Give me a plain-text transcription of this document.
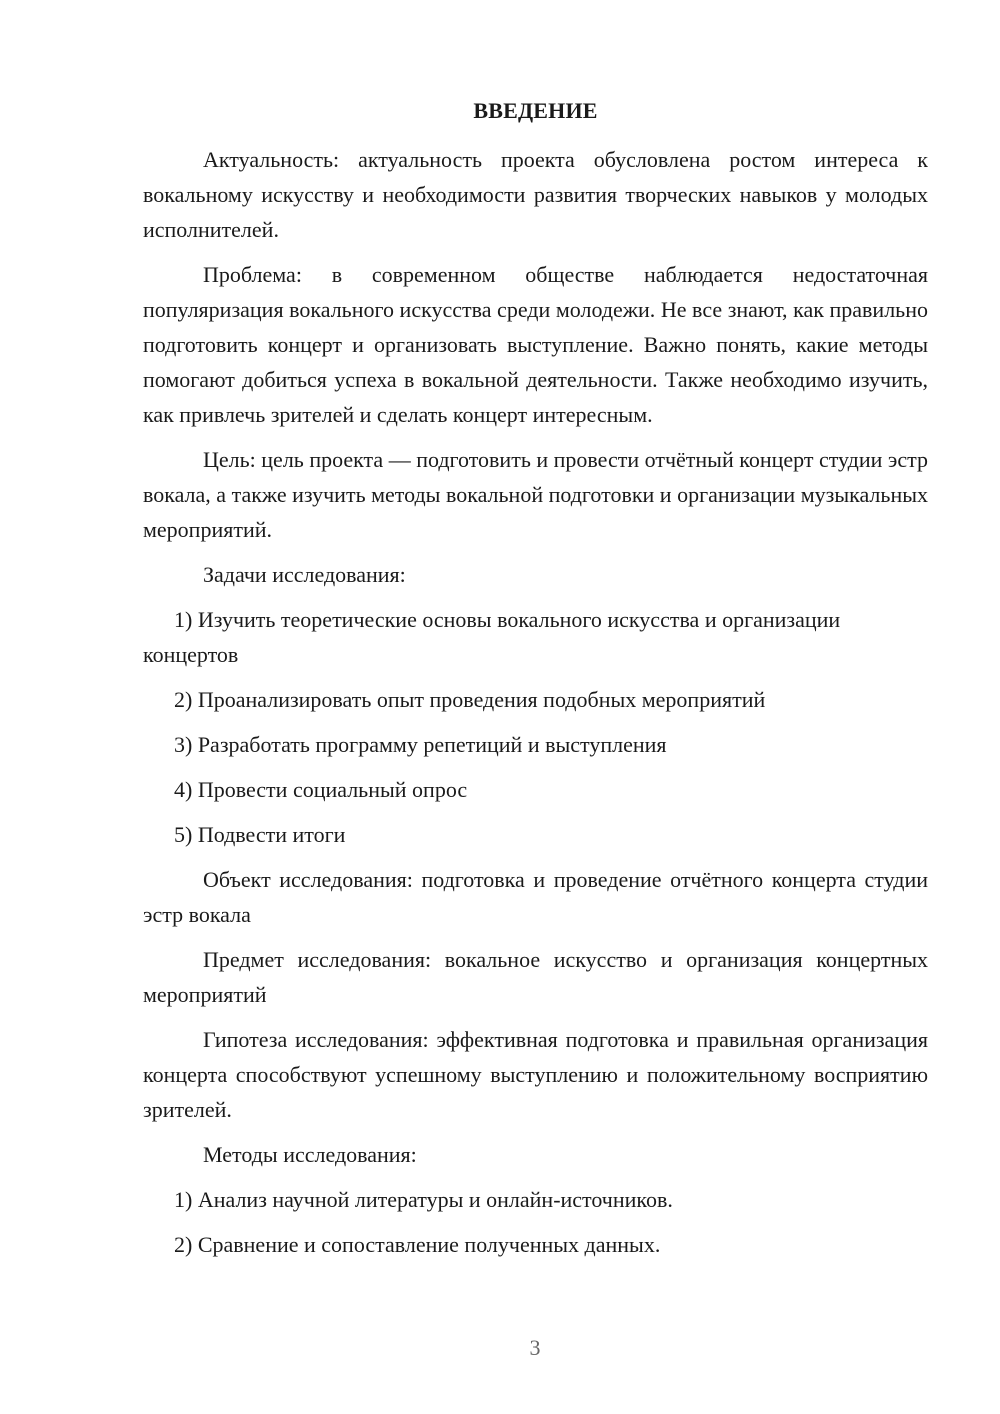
ВВЕДЕНИЕ

Актуальность: актуальность проекта обусловлена ростом интереса к вокальному искусству и необходимости развития творческих навыков у молодых исполнителей.

Проблема: в современном обществе наблюдается недостаточная популяризация вокального искусства среди молодежи. Не все знают, как правильно подготовить концерт и организовать выступление. Важно понять, какие методы помогают добиться успеха в вокальной деятельности. Также необходимо изучить, как привлечь зрителей и сделать концерт интересным.

Цель: цель проекта — подготовить и провести отчётный концерт студии эстр вокала, а также изучить методы вокальной подготовки и организации музыкальных мероприятий.

Задачи исследования:

1) Изучить теоретические основы вокального искусства и организации концертов

2) Проанализировать опыт проведения подобных мероприятий

3) Разработать программу репетиций и выступления

4) Провести социальный опрос

5) Подвести итоги

Объект исследования: подготовка и проведение отчётного концерта студии эстр вокала

Предмет исследования: вокальное искусство и организация концертных мероприятий

Гипотеза исследования: эффективная подготовка и правильная организация концерта способствуют успешному выступлению и положительному восприятию зрителей.

Методы исследования:

1) Анализ научной литературы и онлайн-источников.

2) Сравнение и сопоставление полученных данных.

3
